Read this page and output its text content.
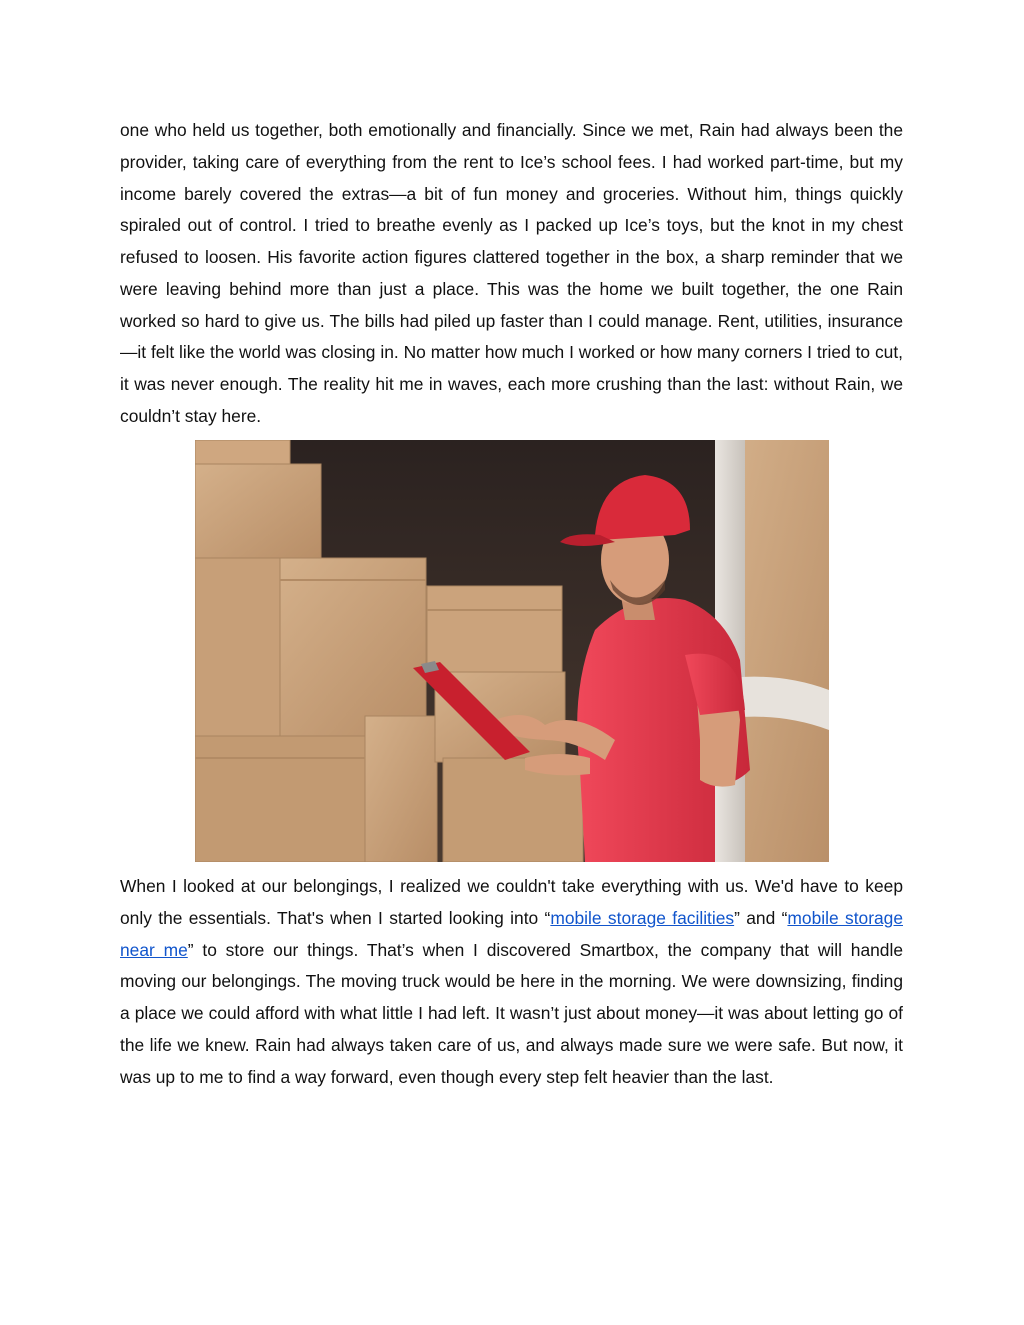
one who held us together, both emotionally and financially. Since we met, Rain had always been the provider, taking care of everything from the rent to Ice’s school fees. I had worked part-time, but my income barely covered the extras—a bit of fun money and groceries. Without him, things quickly spiraled out of control. I tried to breathe evenly as I packed up Ice’s toys, but the knot in my chest refused to loosen. His favorite action figures clattered together in the box, a sharp reminder that we were leaving behind more than just a place. This was the home we built together, the one Rain worked so hard to give us. The bills had piled up faster than I could manage. Rent, utilities, insurance—it felt like the world was closing in. No matter how much I worked or how many corners I tried to cut, it was never enough. The reality hit me in waves, each more crushing than the last: without Rain, we couldn’t stay here.

When I looked at our belongings, I realized we couldn't take everything with us. We'd have to keep only the essentials. That's when I started looking into “mobile storage facilities” and “mobile storage near me” to store our things. That’s when I discovered Smartbox, the company that will handle moving our belongings. The moving truck would be here in the morning. We were downsizing, finding a place we could afford with what little I had left. It wasn’t just about money—it was about letting go of the life we knew. Rain had always taken care of us, and always made sure we were safe. But now, it was up to me to find a way forward, even though every step felt heavier than the last.
